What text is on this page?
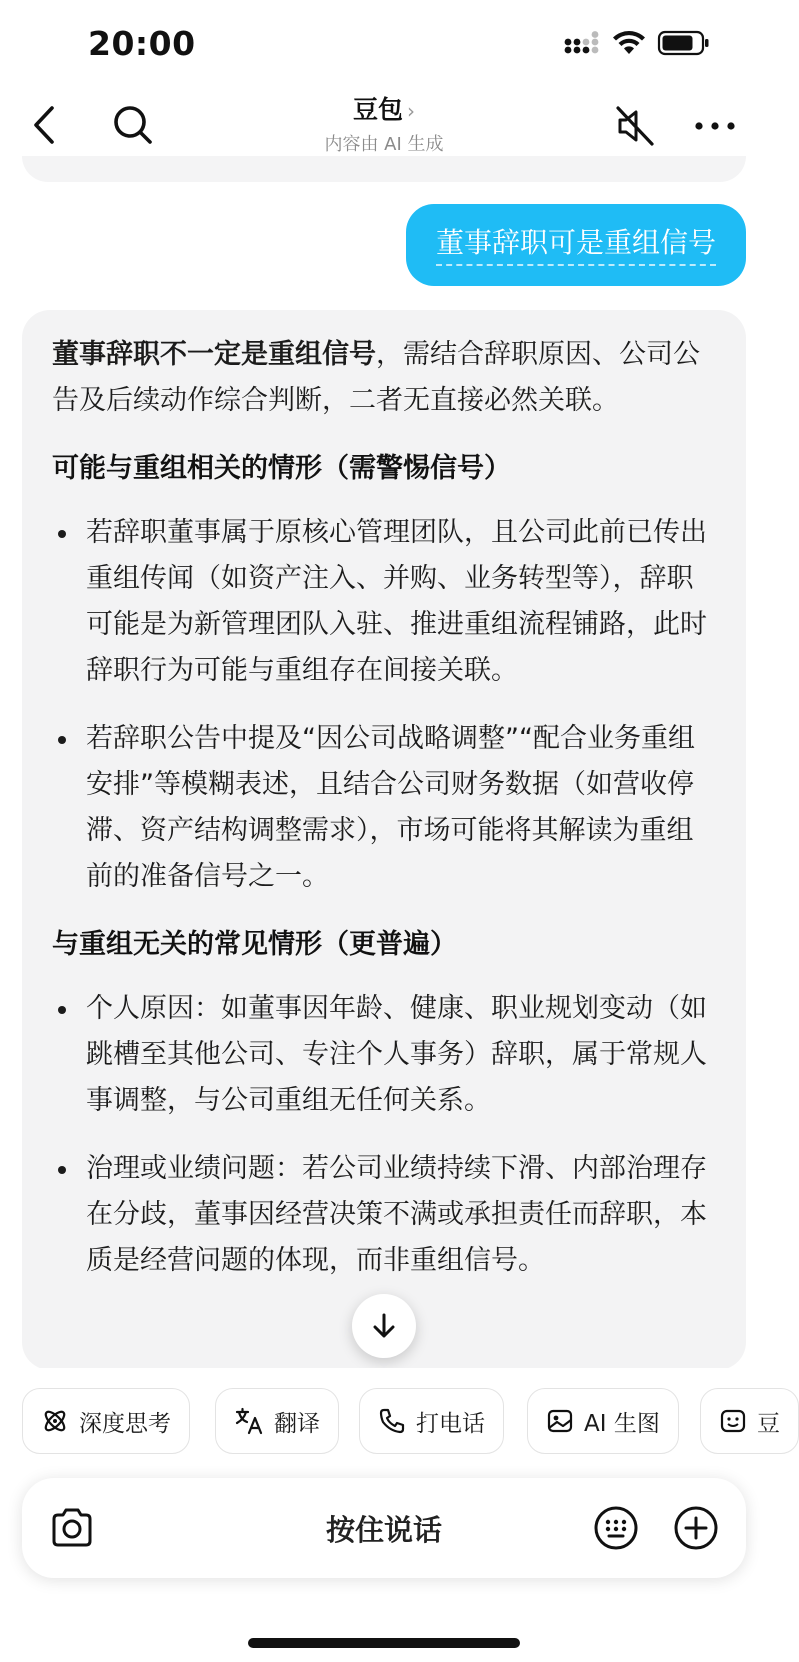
20:00
豆包 ›
内容由 AI 生成
董事辞职可是重组信号

董事辞职不一定是重组信号，需结合辞职原因、公司公告及后续动作综合判断，二者无直接必然关联。

可能与重组相关的情形（需警惕信号）
若辞职董事属于原核心管理团队，且公司此前已传出重组传闻（如资产注入、并购、业务转型等），辞职可能是为新管理团队入驻、推进重组流程铺路，此时辞职行为可能与重组存在间接关联。
若辞职公告中提及“因公司战略调整”“配合业务重组安排”等模糊表述，且结合公司财务数据（如营收停滞、资产结构调整需求），市场可能将其解读为重组前的准备信号之一。
与重组无关的常见情形（更普遍）
个人原因：如董事因年龄、健康、职业规划变动（如跳槽至其他公司、专注个人事务）辞职，属于常规人事调整，与公司重组无任何关系。
治理或业绩问题：若公司业绩持续下滑、内部治理存在分歧，董事因经营决策不满或承担责任而辞职，本质是经营问题的体现，而非重组信号。
深度思考	翻译	打电话	AI 生图	豆
按住说话
